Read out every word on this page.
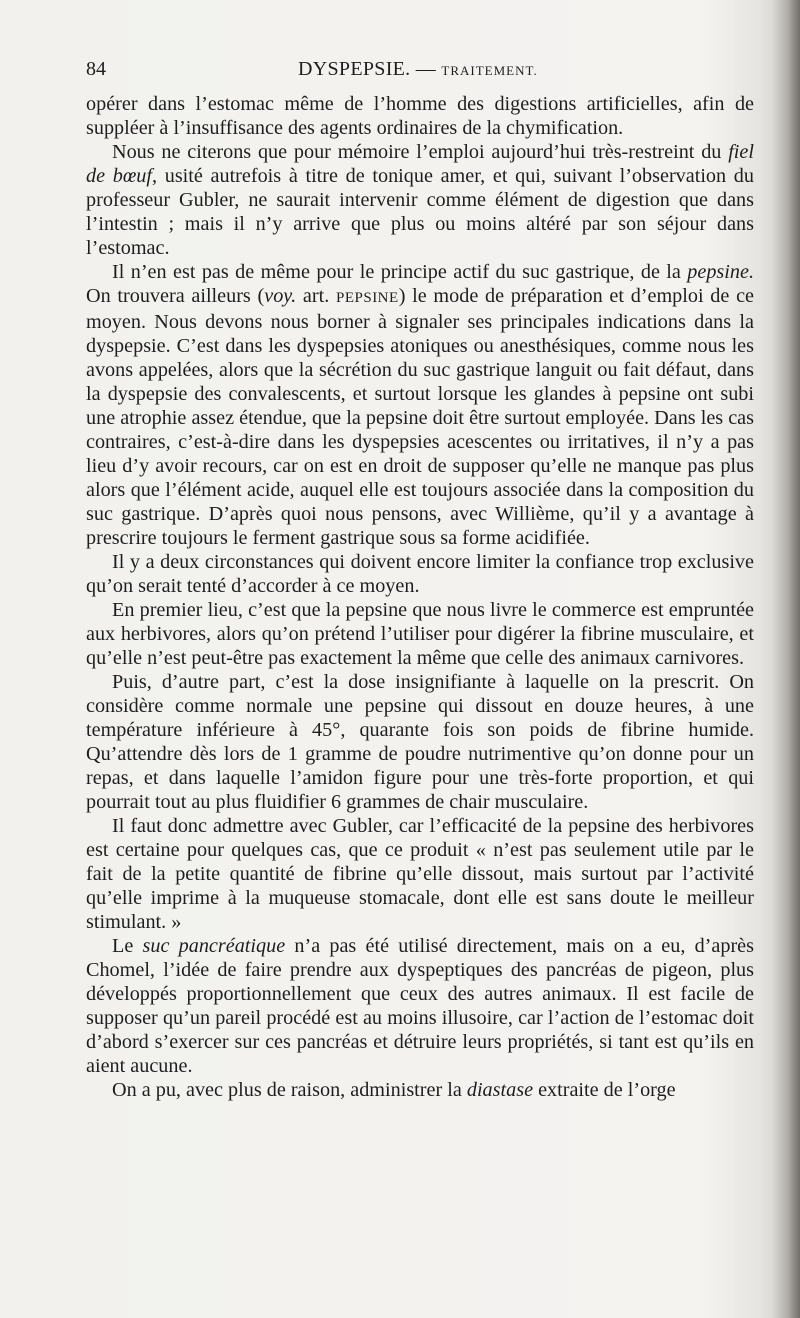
84	DYSPEPSIE. — TRAITEMENT.

opérer dans l’estomac même de l’homme des digestions artificielles, afin de suppléer à l’insuffisance des agents ordinaires de la chymification.

Nous ne citerons que pour mémoire l’emploi aujourd’hui très-restreint du fiel de bœuf, usité autrefois à titre de tonique amer, et qui, suivant l’observation du professeur Gubler, ne saurait intervenir comme élément de digestion que dans l’intestin ; mais il n’y arrive que plus ou moins altéré par son séjour dans l’estomac.

Il n’en est pas de même pour le principe actif du suc gastrique, de la pepsine. On trouvera ailleurs (voy. art. PEPSINE) le mode de préparation et d’emploi de ce moyen. Nous devons nous borner à signaler ses principales indications dans la dyspepsie. C’est dans les dyspepsies atoniques ou anesthésiques, comme nous les avons appelées, alors que la sécrétion du suc gastrique languit ou fait défaut, dans la dyspepsie des convalescents, et surtout lorsque les glandes à pepsine ont subi une atrophie assez étendue, que la pepsine doit être surtout employée. Dans les cas contraires, c’est-à-dire dans les dyspepsies acescentes ou irritatives, il n’y a pas lieu d’y avoir recours, car on est en droit de supposer qu’elle ne manque pas plus alors que l’élément acide, auquel elle est toujours associée dans la composition du suc gastrique. D’après quoi nous pensons, avec Willième, qu’il y a avantage à prescrire toujours le ferment gastrique sous sa forme acidifiée.

Il y a deux circonstances qui doivent encore limiter la confiance trop exclusive qu’on serait tenté d’accorder à ce moyen.

En premier lieu, c’est que la pepsine que nous livre le commerce est empruntée aux herbivores, alors qu’on prétend l’utiliser pour digérer la fibrine musculaire, et qu’elle n’est peut-être pas exactement la même que celle des animaux carnivores.

Puis, d’autre part, c’est la dose insignifiante à laquelle on la prescrit. On considère comme normale une pepsine qui dissout en douze heures, à une température inférieure à 45°, quarante fois son poids de fibrine humide. Qu’attendre dès lors de 1 gramme de poudre nutrimentive qu’on donne pour un repas, et dans laquelle l’amidon figure pour une très-forte proportion, et qui pourrait tout au plus fluidifier 6 grammes de chair musculaire.

Il faut donc admettre avec Gubler, car l’efficacité de la pepsine des herbivores est certaine pour quelques cas, que ce produit « n’est pas seulement utile par le fait de la petite quantité de fibrine qu’elle dissout, mais surtout par l’activité qu’elle imprime à la muqueuse stomacale, dont elle est sans doute le meilleur stimulant. »

Le suc pancréatique n’a pas été utilisé directement, mais on a eu, d’après Chomel, l’idée de faire prendre aux dyspeptiques des pancréas de pigeon, plus développés proportionnellement que ceux des autres animaux. Il est facile de supposer qu’un pareil procédé est au moins illusoire, car l’action de l’estomac doit d’abord s’exercer sur ces pancréas et détruire leurs propriétés, si tant est qu’ils en aient aucune.

On a pu, avec plus de raison, administrer la diastase extraite de l’orge
